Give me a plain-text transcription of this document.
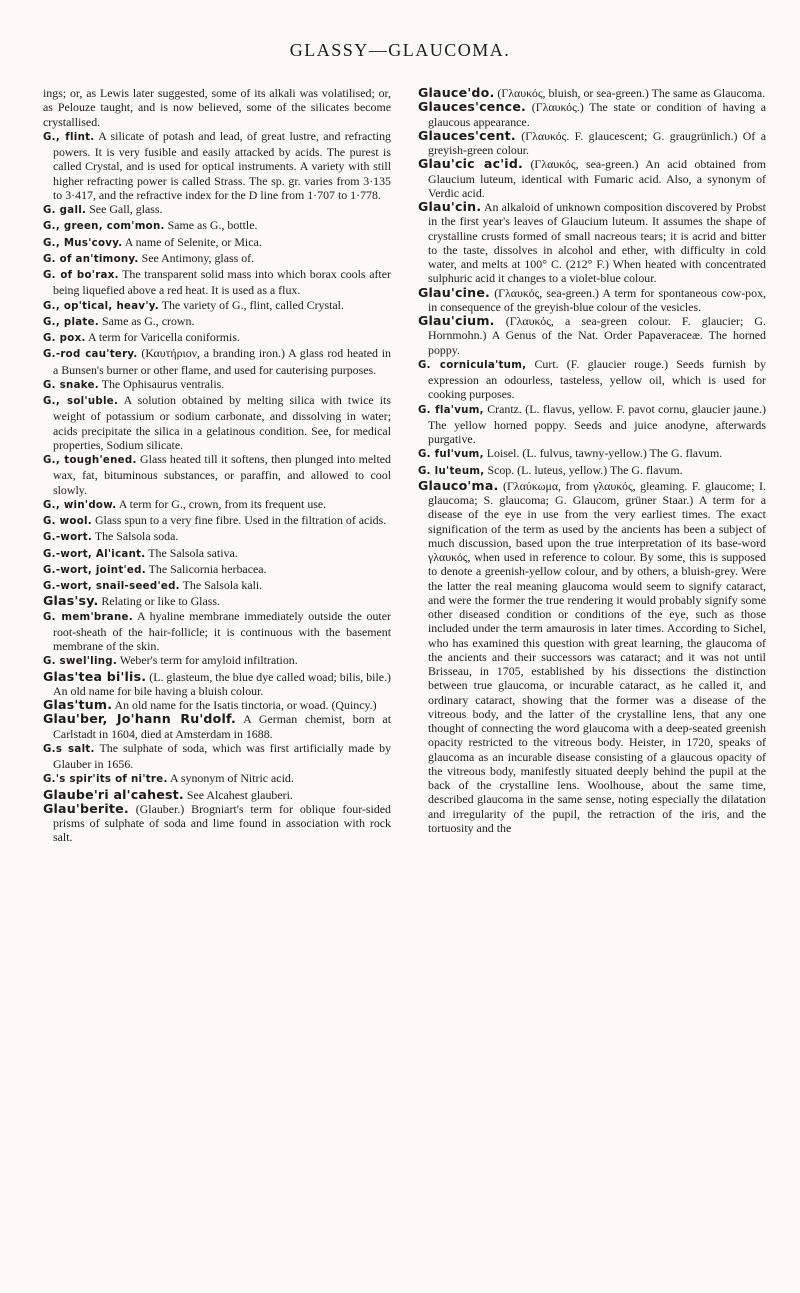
GLASSY—GLAUCOMA.

ings; or, as Lewis later suggested, some of its alkali was volatilised; or, as Pelouze taught, and is now believed, some of the silicates become crystallised.

G., flint. A silicate of potash and lead, of great lustre, and refracting powers. It is very fusible and easily attacked by acids. The purest is called Crystal, and is used for optical instruments. A variety with still higher refracting power is called Strass. The sp. gr. varies from 3·135 to 3·417, and the refractive index for the D line from 1·707 to 1·778.

G. gall. See Gall, glass.

G., green, com'mon. Same as G., bottle.

G., Mus'covy. A name of Selenite, or Mica.

G. of an'timony. See Antimony, glass of.

G. of bo'rax. The transparent solid mass into which borax cools after being liquefied above a red heat. It is used as a flux.

G., op'tical, heav'y. The variety of G., flint, called Crystal.

G., plate. Same as G., crown.

G. pox. A term for Varicella coniformis.

G.-rod cau'tery. (Καυτήριον, a branding iron.) A glass rod heated in a Bunsen's burner or other flame, and used for cauterising purposes.

G. snake. The Ophisaurus ventralis.

G., sol'uble. A solution obtained by melting silica with twice its weight of potassium or sodium carbonate, and dissolving in water; acids precipitate the silica in a gelatinous condition. See, for medical properties, Sodium silicate.

G., tough'ened. Glass heated till it softens, then plunged into melted wax, fat, bituminous substances, or paraffin, and allowed to cool slowly.

G., win'dow. A term for G., crown, from its frequent use.

G. wool. Glass spun to a very fine fibre. Used in the filtration of acids.

G.-wort. The Salsola soda.

G.-wort, Al'icant. The Salsola sativa.

G.-wort, joint'ed. The Salicornia herbacea.

G.-wort, snail-seed'ed. The Salsola kali.

Glas'sy. Relating or like to Glass.

G. mem'brane. A hyaline membrane immediately outside the outer root-sheath of the hair-follicle; it is continuous with the basement membrane of the skin.

G. swel'ling. Weber's term for amyloid infiltration.

Glas'tea bi'lis. (L. glasteum, the blue dye called woad; bilis, bile.) An old name for bile having a bluish colour.

Glas'tum. An old name for the Isatis tinctoria, or woad. (Quincy.)

Glau'ber, Jo'hann Ru'dolf. A German chemist, born at Carlstadt in 1604, died at Amsterdam in 1688.

G.s salt. The sulphate of soda, which was first artificially made by Glauber in 1656.

G.'s spir'its of ni'tre. A synonym of Nitric acid.

Glaube'ri al'cahest. See Alcahest glauberi.

Glau'berite. (Glauber.) Brogniart's term for oblique four-sided prisms of sulphate of soda and lime found in association with rock salt.

Glauce'do. (Γλαυκός, bluish, or sea-green.) The same as Glaucoma.

Glauces'cence. (Γλαυκός.) The state or condition of having a glaucous appearance.

Glauces'cent. (Γλαυκός. F. glaucescent; G. graugrünlich.) Of a greyish-green colour.

Glau'cic ac'id. (Γλαυκός, sea-green.) An acid obtained from Glaucium luteum, identical with Fumaric acid. Also, a synonym of Verdic acid.

Glau'cin. An alkaloid of unknown composition discovered by Probst in the first year's leaves of Glaucium luteum. It assumes the shape of crystalline crusts formed of small nacreous tears; it is acrid and bitter to the taste, dissolves in alcohol and ether, with difficulty in cold water, and melts at 100° C. (212° F.) When heated with concentrated sulphuric acid it changes to a violet-blue colour.

Glau'cine. (Γλαυκός, sea-green.) A term for spontaneous cow-pox, in consequence of the greyish-blue colour of the vesicles.

Glau'cium. (Γλαυκός, a sea-green colour. F. glaucier; G. Hornmohn.) A Genus of the Nat. Order Papaveraceæ. The horned poppy.

G. cornicula'tum, Curt. (F. glaucier rouge.) Seeds furnish by expression an odourless, tasteless, yellow oil, which is used for cooking purposes.

G. fla'vum, Crantz. (L. flavus, yellow. F. pavot cornu, glaucier jaune.) The yellow horned poppy. Seeds and juice anodyne, afterwards purgative.

G. ful'vum, Loisel. (L. fulvus, tawny-yellow.) The G. flavum.

G. lu'teum, Scop. (L. luteus, yellow.) The G. flavum.

Glauco'ma. (Γλαύκωμα, from γλαυκός, gleaming. F. glaucome; I. glaucoma; S. glaucoma; G. Glaucom, grüner Staar.) A term for a disease of the eye in use from the very earliest times. The exact signification of the term as used by the ancients has been a subject of much discussion, based upon the true interpretation of its base-word γλαυκός, when used in reference to colour. By some, this is supposed to denote a greenish-yellow colour, and by others, a bluish-grey. Were the latter the real meaning glaucoma would seem to signify cataract, and were the former the true rendering it would probably signify some other diseased condition or conditions of the eye, such as those included under the term amaurosis in later times. According to Sichel, who has examined this question with great learning, the glaucoma of the ancients and their successors was cataract; and it was not until Brisseau, in 1705, established by his dissections the distinction between true glaucoma, or incurable cataract, as he called it, and ordinary cataract, showing that the former was a disease of the vitreous body, and the latter of the crystalline lens, that any one thought of connecting the word glaucoma with a deep-seated greenish opacity restricted to the vitreous body. Heister, in 1720, speaks of glaucoma as an incurable disease consisting of a glaucous opacity of the vitreous body, manifestly situated deeply behind the pupil at the back of the crystalline lens. Woolhouse, about the same time, described glaucoma in the same sense, noting especially the dilatation and irregularity of the pupil, the retraction of the iris, and the tortuosity and the
